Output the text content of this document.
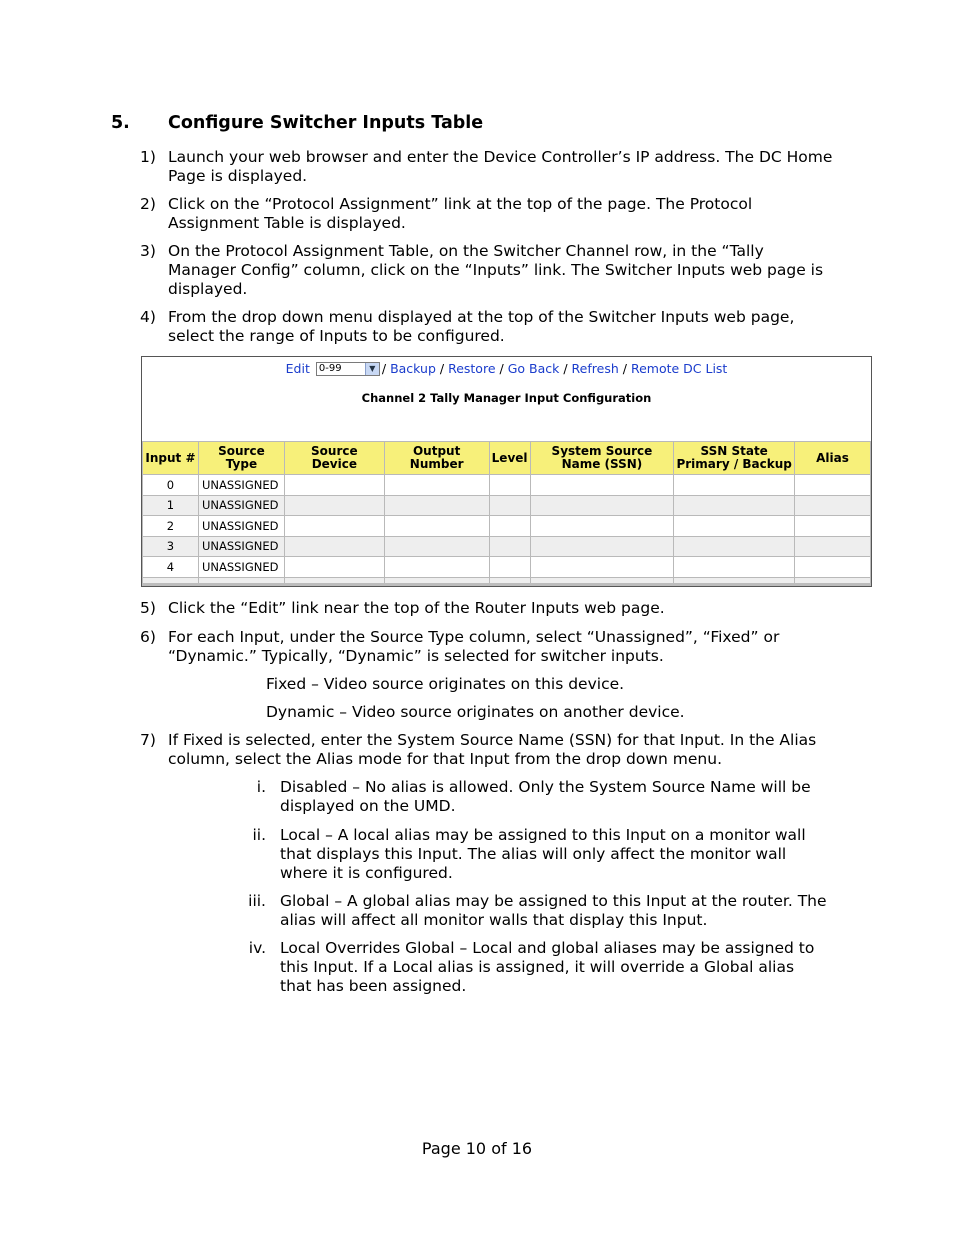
5. Configure Switcher Inputs Table
1) Launch your web browser and enter the Device Controller’s IP address. The DC Home
Page is displayed.
2) Click on the “Protocol Assignment” link at the top of the page. The Protocol
Assignment Table is displayed.
3) On the Protocol Assignment Table, on the Switcher Channel row, in the “Tally
Manager Config” column, click on the “Inputs” link. The Switcher Inputs web page is
displayed.
4) From the drop down menu displayed at the top of the Switcher Inputs web page,
select the range of Inputs to be configured.
Edit 0-99	▼ / Backup / Restore / Go Back / Refresh / Remote DC List
Channel 2 Tally Manager Input Configuration
Input #	Source Type	Source Device	Output Number	Level	System Source Name (SSN)	SSN State Primary / Backup	Alias
0	UNASSIGNED						
1	UNASSIGNED						
2	UNASSIGNED						
3	UNASSIGNED						
4	UNASSIGNED						

5) Click the “Edit” link near the top of the Router Inputs web page.
6) For each Input, under the Source Type column, select “Unassigned”, “Fixed” or
“Dynamic.” Typically, “Dynamic” is selected for switcher inputs.
Fixed – Video source originates on this device.
Dynamic – Video source originates on another device.
7) If Fixed is selected, enter the System Source Name (SSN) for that Input. In the Alias
column, select the Alias mode for that Input from the drop down menu.
i. Disabled – No alias is allowed. Only the System Source Name will be
displayed on the UMD.
ii. Local – A local alias may be assigned to this Input on a monitor wall
that displays this Input. The alias will only affect the monitor wall
where it is configured.
iii. Global – A global alias may be assigned to this Input at the router. The
alias will affect all monitor walls that display this Input.
iv. Local Overrides Global – Local and global aliases may be assigned to
this Input. If a Local alias is assigned, it will override a Global alias
that has been assigned.
Page 10 of 16
